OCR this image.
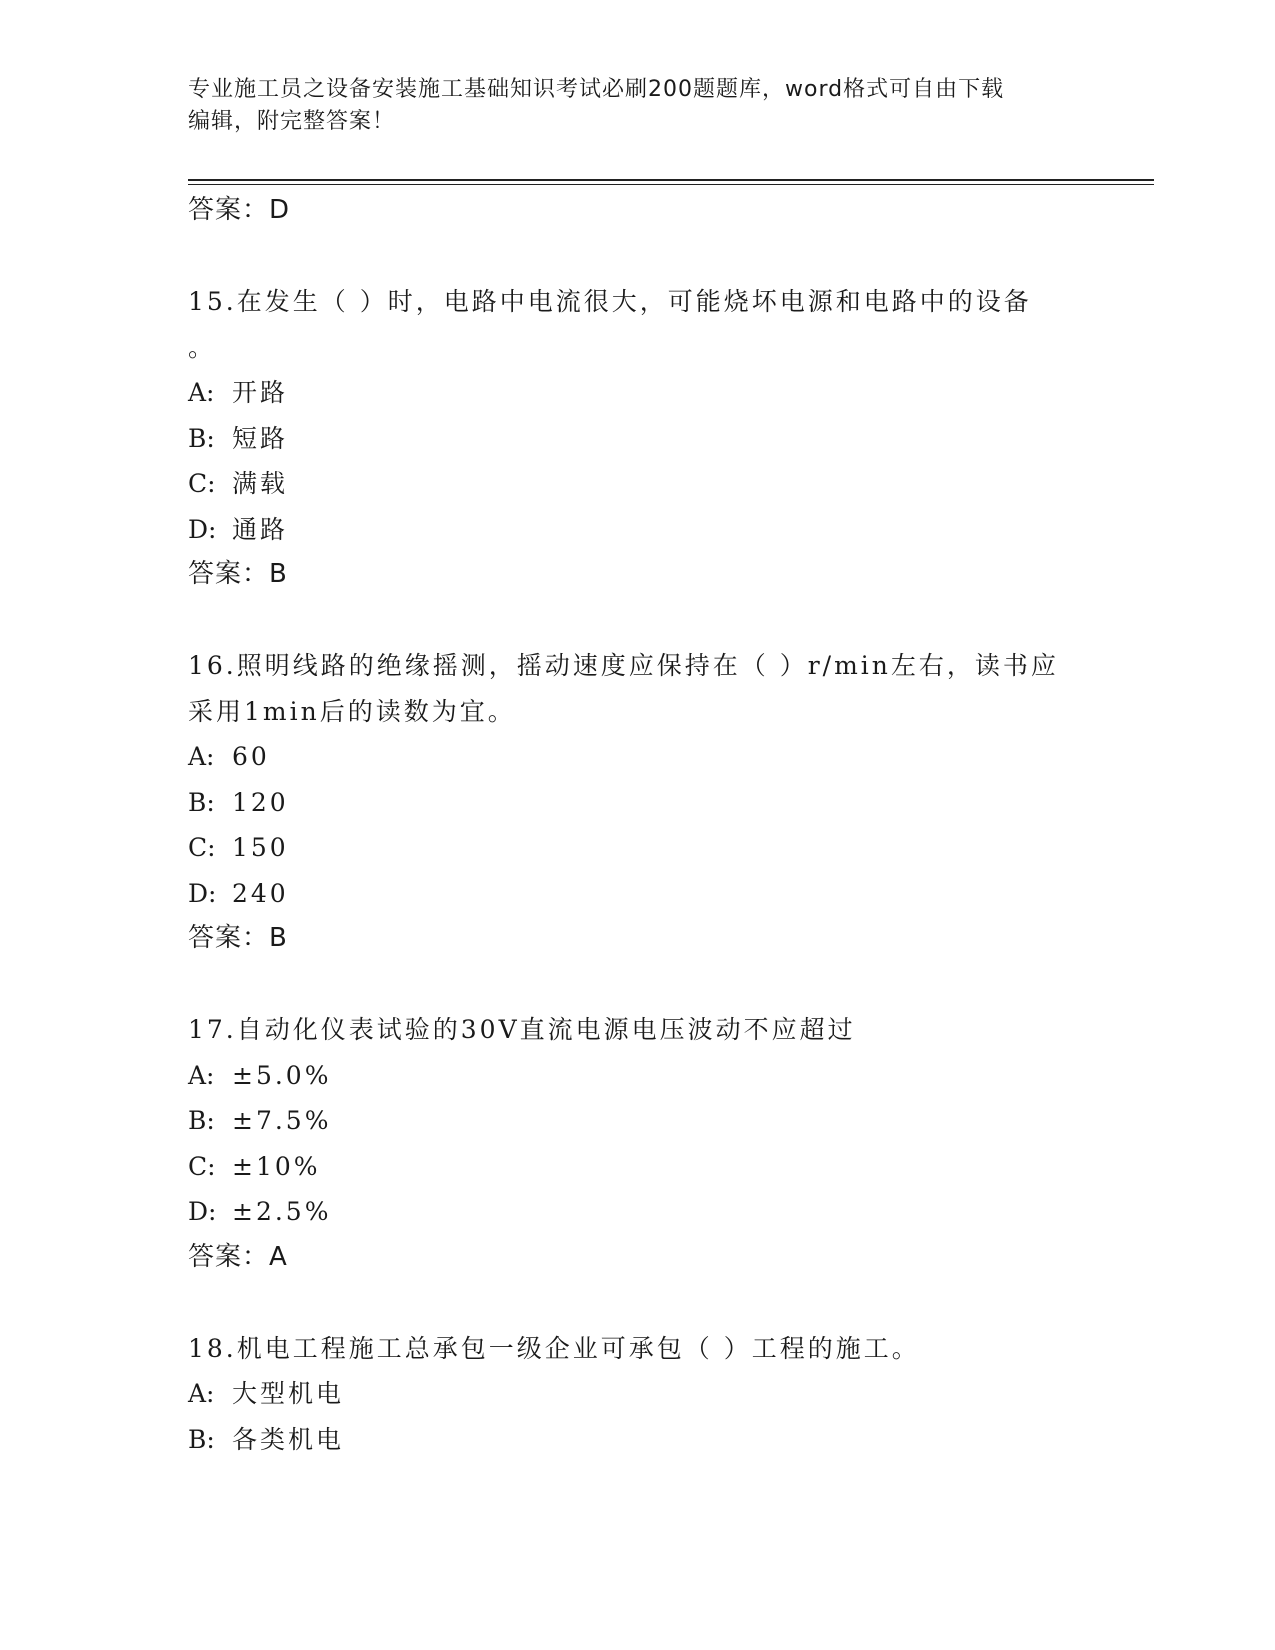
专业施工员之设备安装施工基础知识考试必刷200题题库，word格式可自由下载
编辑，附完整答案！
答案：D
15.在发生（ ）时，电路中电流很大，可能烧坏电源和电路中的设备
。
A: 开路
B: 短路
C: 满载
D: 通路
答案：B
16.照明线路的绝缘摇测，摇动速度应保持在（ ）r/min左右，读书应
采用1min后的读数为宜。
A: 60
B: 120
C: 150
D: 240
答案：B
17.自动化仪表试验的30V直流电源电压波动不应超过
A: ±5.0%
B: ±7.5%
C: ±10%
D: ±2.5%
答案：A
18.机电工程施工总承包一级企业可承包（ ）工程的施工。
A: 大型机电
B: 各类机电
